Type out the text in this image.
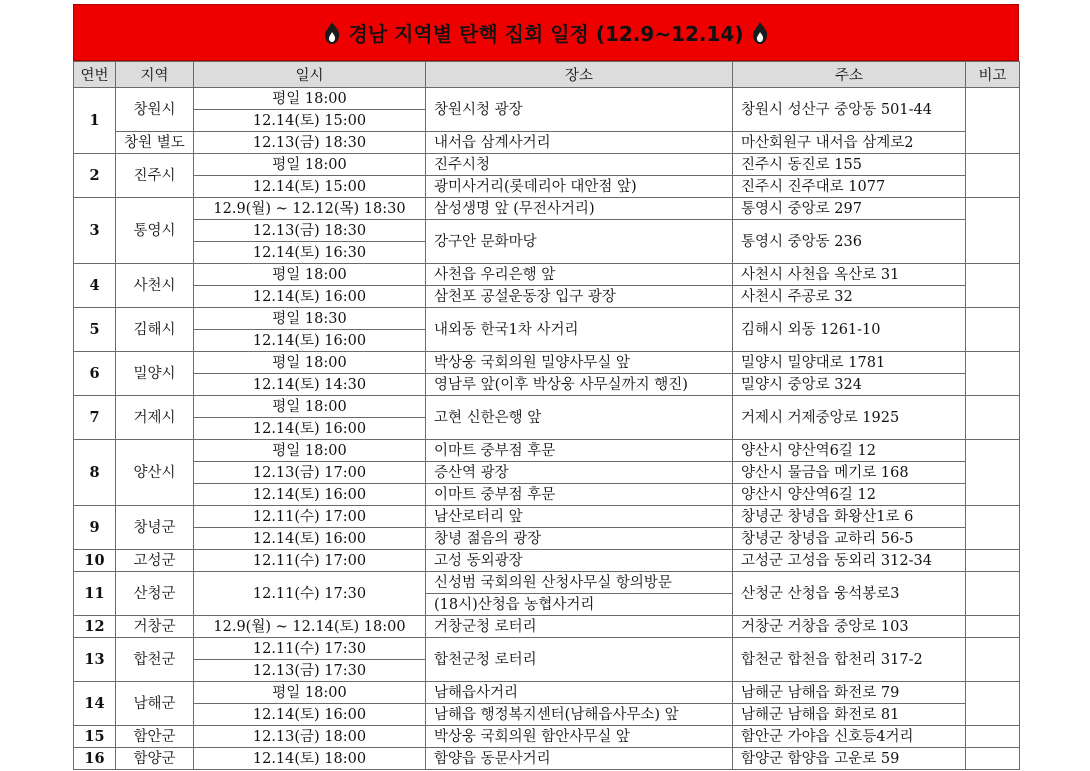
경남 지역별 탄핵 집회 일정 (12.9~12.14)
연번	지역	일시	장소	주소	비고
1	창원시	평일 18:00	창원시청 광장	창원시 성산구 중앙동 501-44	
		12.14(토) 15:00			
	창원 별도	12.13(금) 18:30	내서읍 삼계사거리	마산회원구 내서읍 삼계로2	
2	진주시	평일 18:00	진주시청	진주시 동진로 155	
		12.14(토) 15:00	광미사거리(롯데리아 대안점 앞)	진주시 진주대로 1077	
3	통영시	12.9(월) ~ 12.12(목) 18:30	삼성생명 앞 (무전사거리)	통영시 중앙로 297	
		12.13(금) 18:30	강구안 문화마당	통영시 중앙동 236	
		12.14(토) 16:30			
4	사천시	평일 18:00	사천읍 우리은행 앞	사천시 사천읍 옥산로 31	
		12.14(토) 16:00	삼천포 공설운동장 입구 광장	사천시 주공로 32	
5	김해시	평일 18:30	내외동 한국1차 사거리	김해시 외동 1261-10	
		12.14(토) 16:00			
6	밀양시	평일 18:00	박상웅 국회의원 밀양사무실 앞	밀양시 밀양대로 1781	
		12.14(토) 14:30	영남루 앞(이후 박상웅 사무실까지 행진)	밀양시 중앙로 324	
7	거제시	평일 18:00	고현 신한은행 앞	거제시 거제중앙로 1925	
		12.14(토) 16:00			
8	양산시	평일 18:00	이마트 중부점 후문	양산시 양산역6길 12	
		12.13(금) 17:00	증산역 광장	양산시 물금읍 메기로 168	
		12.14(토) 16:00	이마트 중부점 후문	양산시 양산역6길 12	
9	창녕군	12.11(수) 17:00	남산로터리 앞	창녕군 창녕읍 화왕산1로 6	
		12.14(토) 16:00	창녕 젊음의 광장	창녕군 창녕읍 교하리 56-5	
10	고성군	12.11(수) 17:00	고성 동외광장	고성군 고성읍 동외리 312-34	
11	산청군	12.11(수) 17:30	신성범 국회의원 산청사무실 항의방문	산청군 산청읍 웅석봉로3	
			(18시)산청읍 농협사거리		
12	거창군	12.9(월) ~ 12.14(토) 18:00	거창군청 로터리	거창군 거창읍 중앙로 103	
13	합천군	12.11(수) 17:30	합천군청 로터리	합천군 합천읍 합천리 317-2	
		12.13(금) 17:30			
14	남해군	평일 18:00	남해읍사거리	남해군 남해읍 화전로 79	
		12.14(토) 16:00	남해읍 행정복지센터(남해읍사무소) 앞	남해군 남해읍 화전로 81	
15	함안군	12.13(금) 18:00	박상웅 국회의원 함안사무실 앞	함안군 가야읍 신호등4거리	
16	함양군	12.14(토) 18:00	함양읍 동문사거리	함양군 함양읍 고운로 59	
